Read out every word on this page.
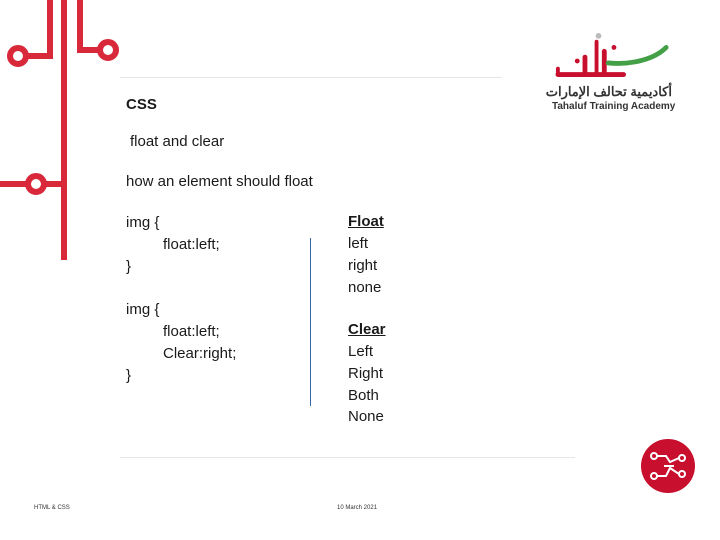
CSS
float and clear
how an element should float
img {
float:left;
}
img {
float:left;
Clear:right;
}
Float
left
right
none
Clear
Left
Right
Both
None
أكاديمية تحالف الإمارات
Tahaluf Training Academy
HTML & CSS	10 March 2021
